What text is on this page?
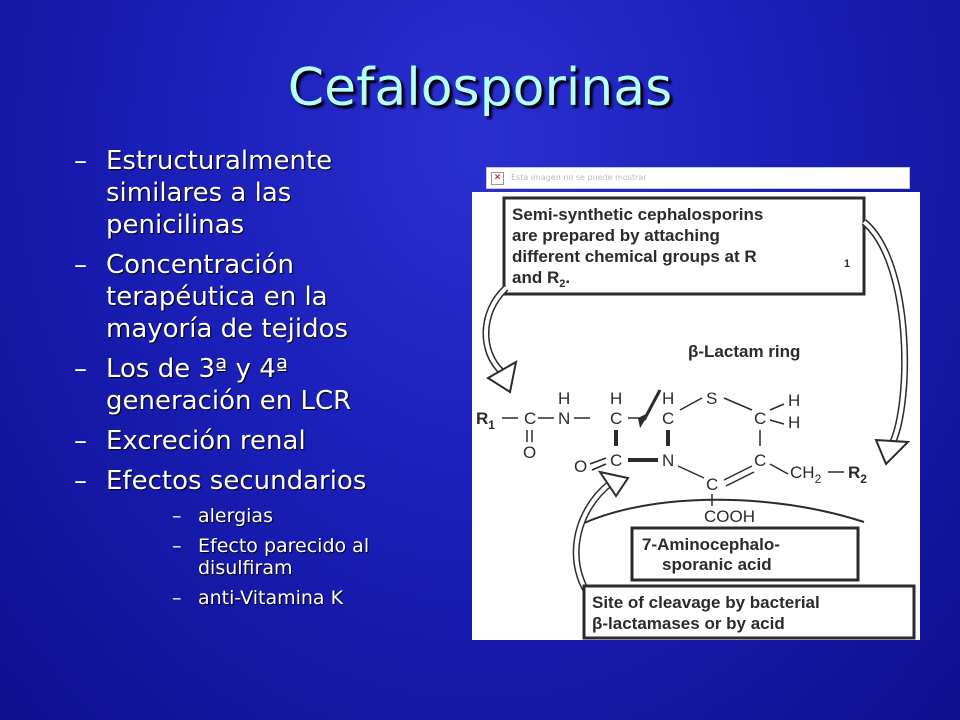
Cefalosporinas
– Estructuralmente
similares a las
penicilinas
– Concentración
terapéutica en la
mayoría de tejidos
– Los de 3ª y 4ª
generación en LCR
– Excreción renal
– Efectos secundarios
– alergias
– Efecto parecido al
disulfiram
– anti-Vitamina K
✕	Esta imagen no se puede mostrar
Semi-synthetic cephalosporins
are prepared by attaching
different chemical groups at R	1
and $R_2$.
β-Lactam ring
$R_1$ C
H
N
H
C
H
C
S
C
H
H
O
O C N
C
C
$CH_2$ $R_2$
COOH
7-Aminocephalo-
sporanic acid
Site of cleavage by bacterial
β-lactamases or by acid
